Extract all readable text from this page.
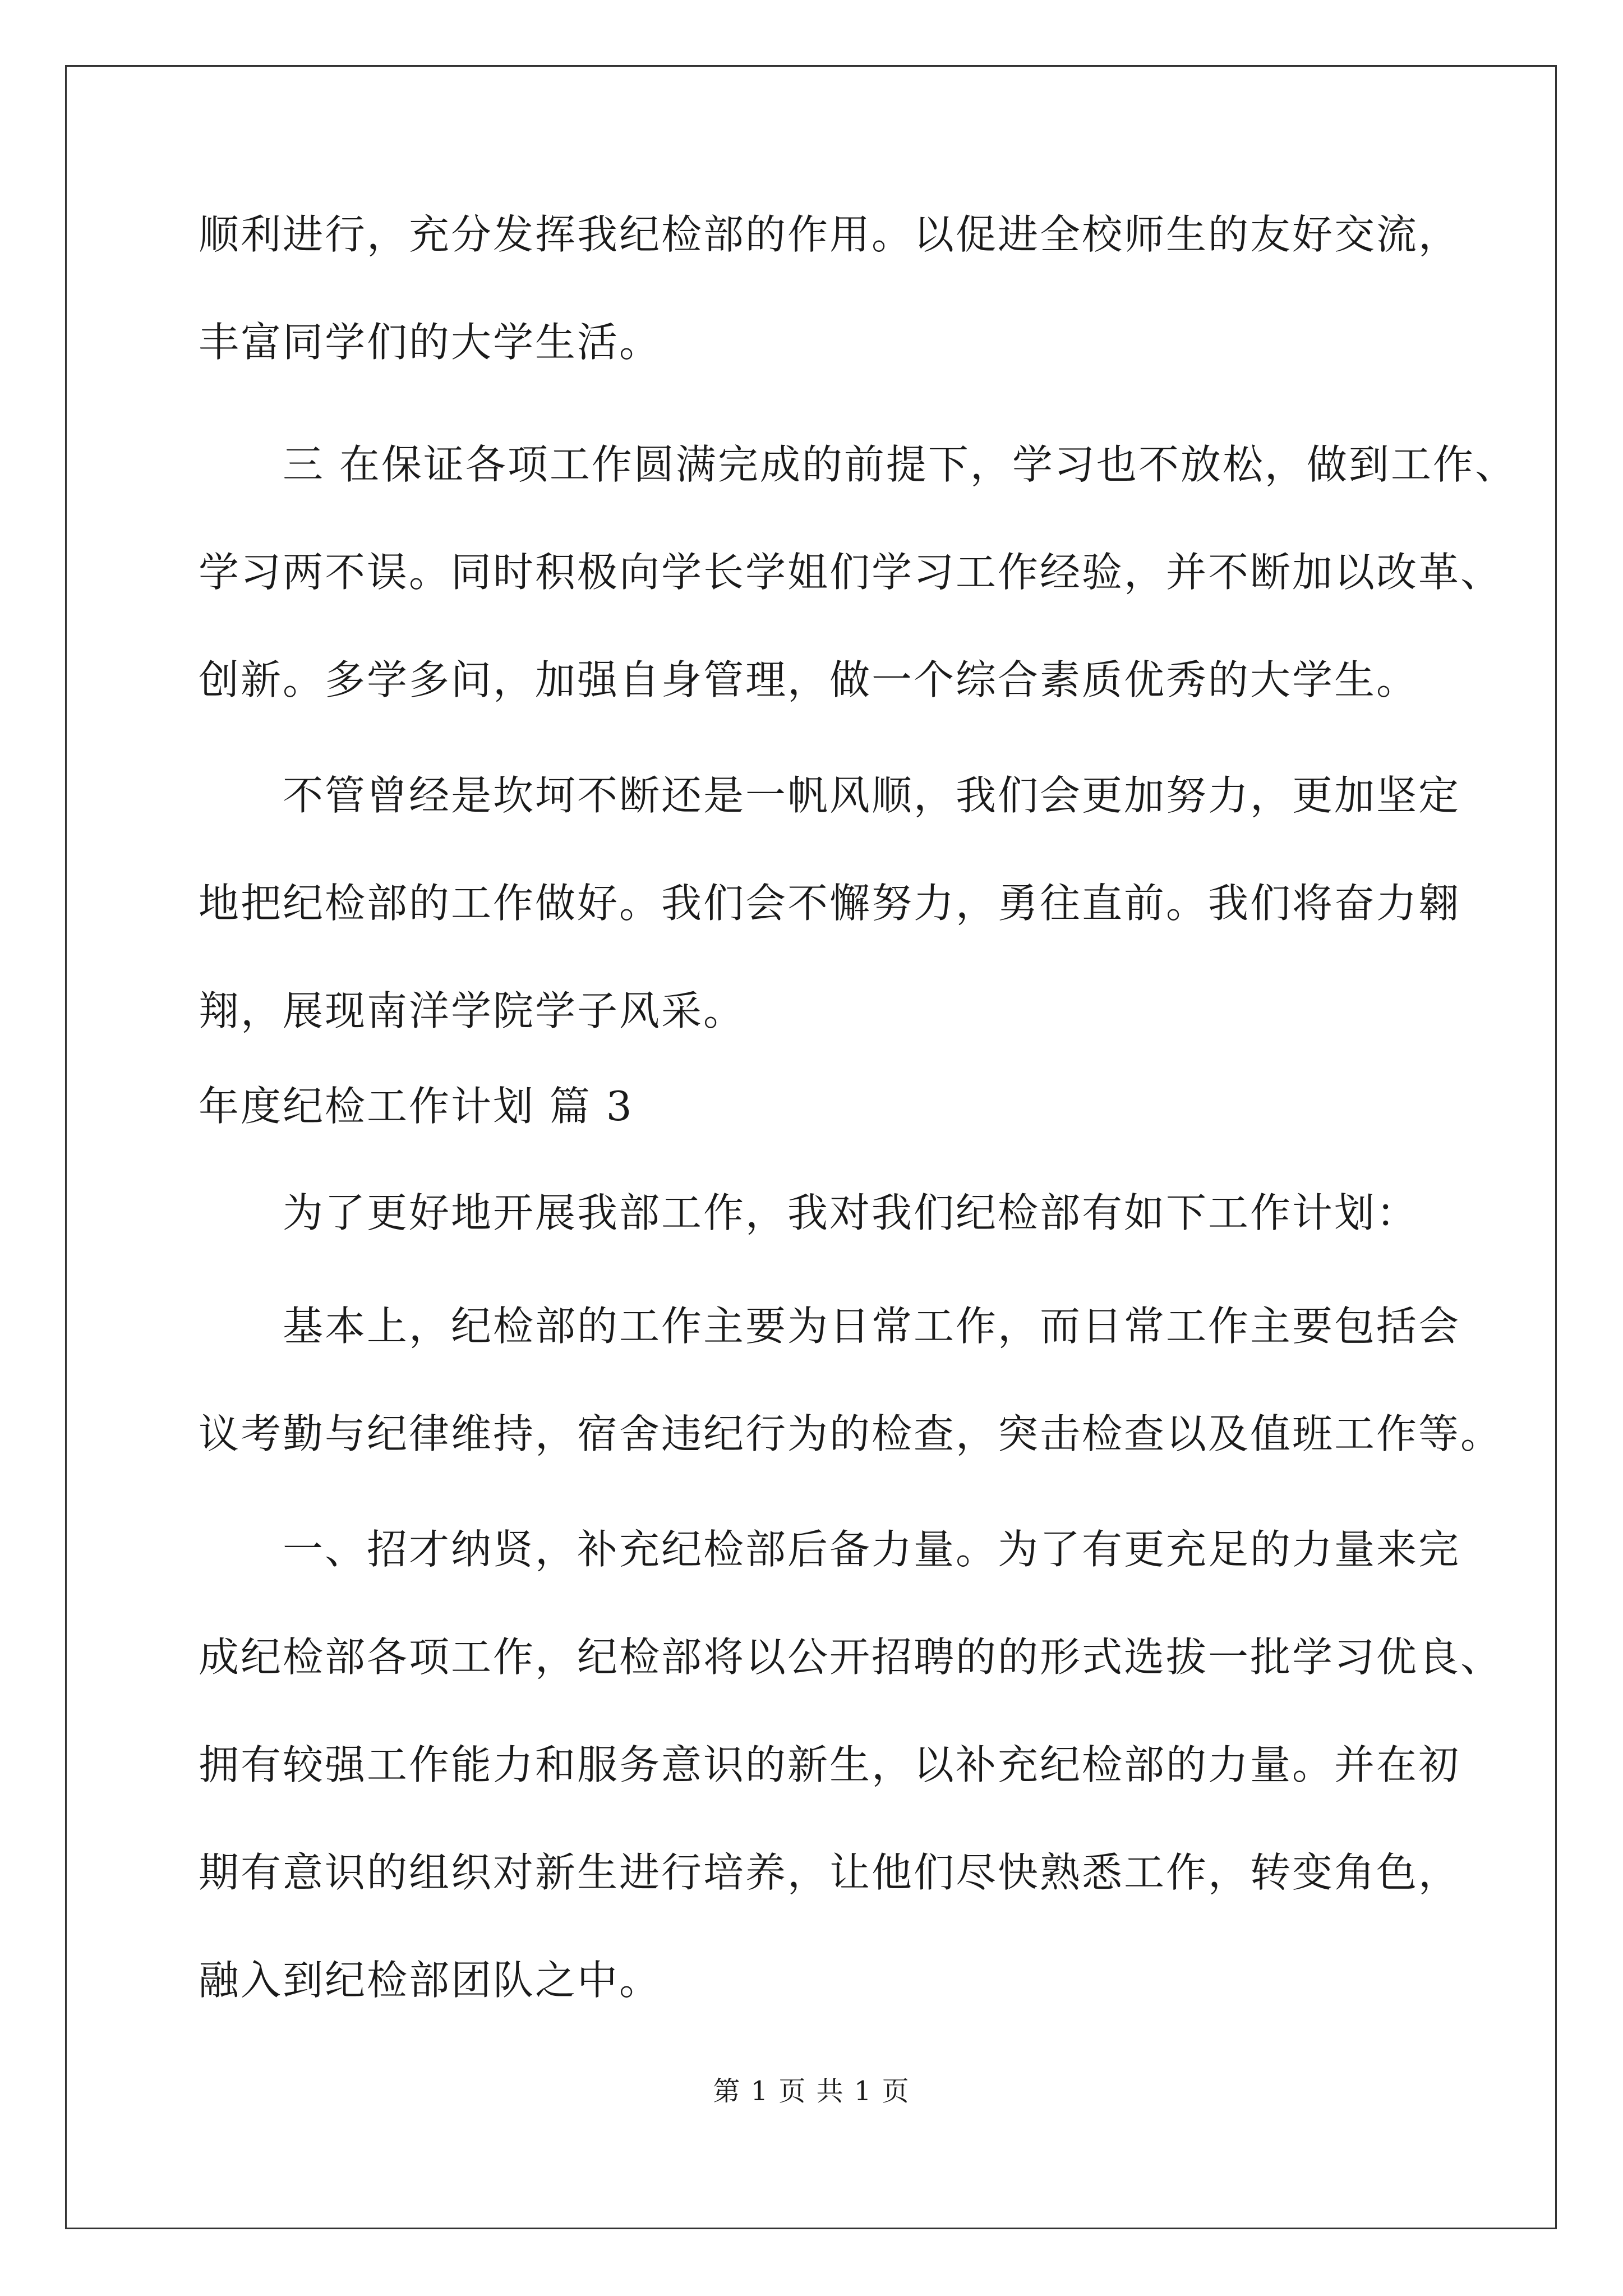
顺利进行，充分发挥我纪检部的作用。以促进全校师生的友好交流，
丰富同学们的大学生活。
三 在保证各项工作圆满完成的前提下，学习也不放松，做到工作、
学习两不误。同时积极向学长学姐们学习工作经验，并不断加以改革、
创新。多学多问，加强自身管理，做一个综合素质优秀的大学生。
不管曾经是坎坷不断还是一帆风顺，我们会更加努力，更加坚定
地把纪检部的工作做好。我们会不懈努力，勇往直前。我们将奋力翱
翔，展现南洋学院学子风采。
年度纪检工作计划 篇 3
为了更好地开展我部工作，我对我们纪检部有如下工作计划：
基本上，纪检部的工作主要为日常工作，而日常工作主要包括会
议考勤与纪律维持，宿舍违纪行为的检查，突击检查以及值班工作等。
一、招才纳贤，补充纪检部后备力量。为了有更充足的力量来完
成纪检部各项工作，纪检部将以公开招聘的的形式选拔一批学习优良、
拥有较强工作能力和服务意识的新生，以补充纪检部的力量。并在初
期有意识的组织对新生进行培养，让他们尽快熟悉工作，转变角色，
融入到纪检部团队之中。
第 1 页 共 1 页
